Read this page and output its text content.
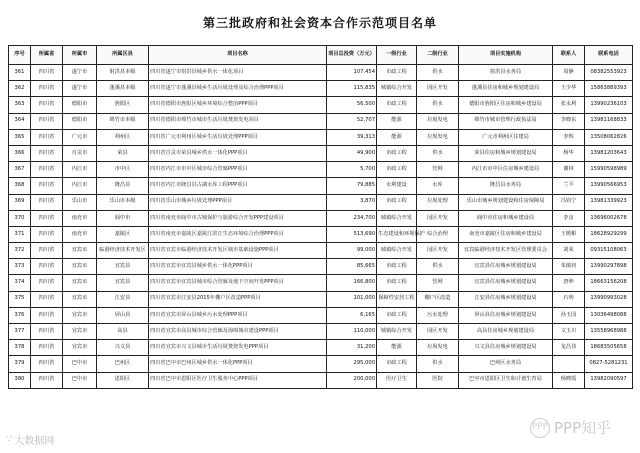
第三批政府和社会资本合作示范项目名单
序号	所属省	所属市	所属区县	项目名称	项目总投资（万元）	一级行业	二级行业	项目实施机构	联系人	联系电话
361	四川省	遂宁市	射洪县本级	四川省遂宁市射洪县城乡供水一体化项目	107,454	市政工程	供水	射洪县水务局	周静	08382553923
362	四川省	遂宁市	蓬溪县本级	四川省遂宁市蓬溪县城乡生活垃圾处理及综合治理PPP项目	115,835	城镇综合开发	园区开发	蓬溪县住房和城乡规划建设局	王少华	15863889393
363	四川省	德阳市	旌阳区	四川省德阳市旌阳区城乡环境综合整治PPP项目	56,500	市政工程	供水	德阳市旌阳区住房和城乡建设局	张永利	13990236103
364	四川省	德阳市	绵竹市本级	四川省德阳市绵竹市城市生活垃圾焚烧发电项目	52,707	能源	垃圾发电	绵竹市城市管理行政执法局	李晓东	13981168833
365	四川省	广元市	利州区	四川省广元市利州区城乡生活垃圾处理PPP项目	39,313	能源	垃圾发电	广元市利州区住建局	李辉	13508062826
366	四川省	自贡市	荣县	四川省自贡市荣县城乡供水一体化PPP项目	49,900	市政工程	供水	荣县住房和城乡规划建设局	杨华	13981203643
367	四川省	内江市	市中区	四川省内江市市中区城市综合管廊PPP项目	5,700	市政工程	管网	内江市市中区住房城乡建设局	谢林	15990598989
368	四川省	内江市	隆昌县	四川省内江市隆昌县古湖水库工程PPP项目	79,885	水利建设	水库	隆昌县水务局	兰平	13990566953
369	四川省	乐山市	乐山市本级	四川省乐山市城乡垃圾处理PPP项目	3,870	市政工程	垃圾处理	乐山市城乡规划建设和住房保障局	冯钧宁	13981339923
370	四川省	南充市	阆中市	四川省南充市阆中市古城保护与旅游综合开发PPP建设项目	234,700	城镇综合开发	园区开发	阆中市住房和城乡建设局	李彦	13696002678
371	四川省	南充市	嘉陵区	四川省南充市嘉陵区嘉陵江滨江生态环境综合治理PPP项目	513,690	生态建设和环境保护	综合治理	南充市嘉陵区住房和城乡建设局	王媛彬	18628929299
372	四川省	宜宾市	临港经济技术开发区	四川省宜宾市临港经济技术开发区城市基础设施PPP项目	99,000	城镇综合开发	园区开发	宜宾临港经济技术开发区管理委员会	刘荣	09315108063
373	四川省	宜宾市	宜宾县	四川省宜宾市宜宾县城乡供水一体化PPP项目	85,665	市政工程	供水	宜宾县住房城乡规划建设局	朱镇钊	13990297898
374	四川省	宜宾市	宜宾县	四川省宜宾市宜宾县城市综合管廊及地下空间开发PPP项目	166,800	市政工程	管网	宜宾县住房城乡规划建设局	唐坤	18663156208
375	四川省	宜宾市	江安县	四川省宜宾市江安县2015年棚户区改造PPP项目	101,000	保障性安居工程	棚户区改造	江安县住房城乡规划建设局	石明	13990993028
376	四川省	宜宾市	屏山县	四川省宜宾市屏山县城乡污水处理PPP项目	6,165	市政工程	污水处理	屏山县住房城乡规划建设局	孙玉园	13036498088
377	四川省	宜宾市	高县	四川省宜宾市高县城市综合管廊及海绵城市建设PPP项目	110,000	城镇综合开发	园区开发	高县住房城乡规划建设局	文玉川	13558968988
378	四川省	宜宾市	兴文县	四川省宜宾市兴文县城市生活垃圾焚烧发电PPP项目	31,200	能源	垃圾发电	兴文县住房城乡规划建设局	龙昌伟	18683505658
379	四川省	巴中市	巴州区	四川省巴中市巴州区城乡供水一体化PPP项目	295,000	市政工程	供水	巴州区水务局		0827-5281231
380	四川省	巴中市	恩阳区	四川省巴中市恩阳区医疗卫生服务中心PPP项目	200,000	医疗卫生	医院	巴中市恩阳区卫生和计划生育局	杨晓霞	13982090597
∵ 大数据网
PPP PPP知乎
